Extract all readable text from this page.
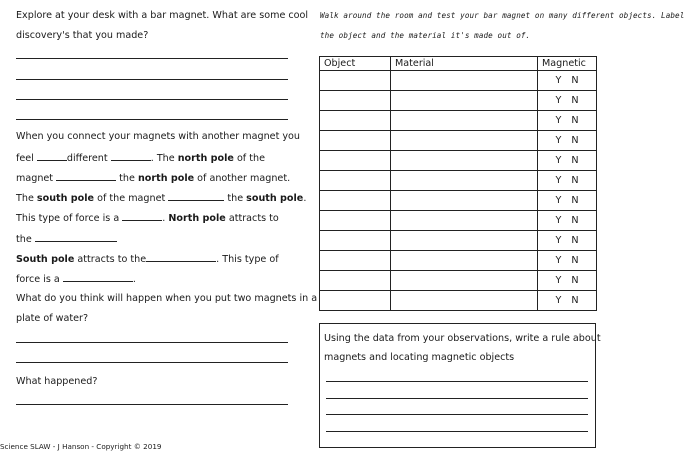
Explore at your desk with a bar magnet. What are some cool
discovery's that you made?
When you connect your magnets with another magnet you
feel	different	. The north pole of the
magnet	the north pole of another magnet.
The south pole of the magnet	the south pole.
This type of force is a	. North pole attracts to
the
South pole attracts to the	. This type of
force is a	.
What do you think will happen when you put two magnets in a
plate of water?
What happened?
Science SLAW - J Hanson - Copyright © 2019
Walk around the room and test your bar magnet on many different objects. Label
the object and the material it's made out of.
Object	Material	Magnetic
		Y N
		Y N
		Y N
		Y N
		Y N
		Y N
		Y N
		Y N
		Y N
		Y N
		Y N
		Y N
Using the data from your observations, write a rule about
magnets and locating magnetic objects
